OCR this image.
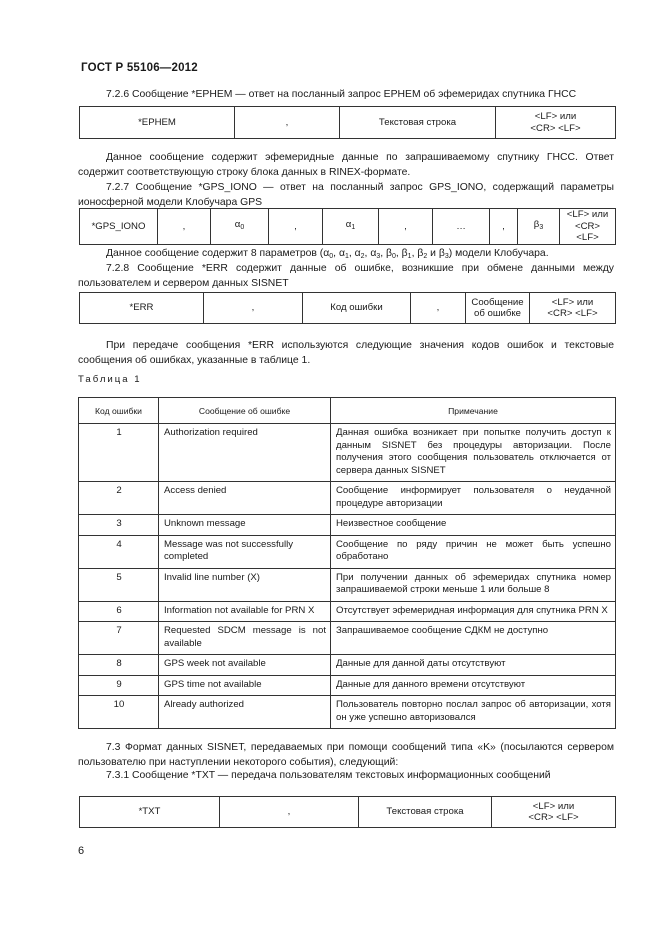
ГОСТ Р 55106—2012
7.2.6 Сообщение *EPHEM — ответ на посланный запрос EPHEM об эфемеридах спутника ГНСС
*EPHEM	,	Текстовая строка	<LF> или
<CR> <LF>
Данное сообщение содержит эфемеридные данные по запрашиваемому спутнику ГНСС. Ответ содержит соответствующую строку блока данных в RINEX-формате.
7.2.7 Сообщение *GPS_IONO — ответ на посланный запрос GPS_IONO, содержащий параметры ионосферной модели Клобучара GPS
*GPS_IONO	,	$\alpha_0$	,	$\alpha_1$	,	…	,	$\beta_3$	<LF> или
<CR> <LF>
Данное сообщение содержит 8 параметров ($\alpha_0$, $\alpha_1$, $\alpha_2$, $\alpha_3$, $\beta_0$, $\beta_1$, $\beta_2$ и $\beta_3$) модели Клобучара.
7.2.8 Сообщение *ERR содержит данные об ошибке, возникшие при обмене данными между пользователем и сервером данных SISNET
*ERR	,	Код ошибки	,	Сообщение
об ошибке	<LF> или
<CR> <LF>
При передаче сообщения *ERR используются следующие значения кодов ошибок и текстовые сообщения об ошибках, указанные в таблице 1.
Таблица 1
Код ошибки	Сообщение об ошибке	Примечание
1	Authorization required	Данная ошибка возникает при попытке получить доступ к данным SISNET без процедуры авторизации. После получения этого сообщения пользователь отключается от сервера данных SISNET
2	Access denied	Сообщение информирует пользователя о неудачной процедуре авторизации
3	Unknown message	Неизвестное сообщение
4	Message was not successfully completed	Сообщение по ряду причин не может быть успешно обработано
5	Invalid line number (X)	При получении данных об эфемеридах спутника номер запрашиваемой строки меньше 1 или больше 8
6	Information not available for PRN X	Отсутствует эфемеридная информация для спутника PRN X
7	Requested SDCM message is not available	Запрашиваемое сообщение СДКМ не доступно
8	GPS week not available	Данные для данной даты отсутствуют
9	GPS time not available	Данные для данного времени отсутствуют
10	Already authorized	Пользователь повторно послал запрос об авторизации, хотя он уже успешно авторизовался
7.3 Формат данных SISNET, передаваемых при помощи сообщений типа «K» (посылаются сервером пользователю при наступлении некоторого события), следующий:
7.3.1 Сообщение *TXT — передача пользователям текстовых информационных сообщений
*TXT	,	Текстовая строка	<LF> или
<CR> <LF>
6
